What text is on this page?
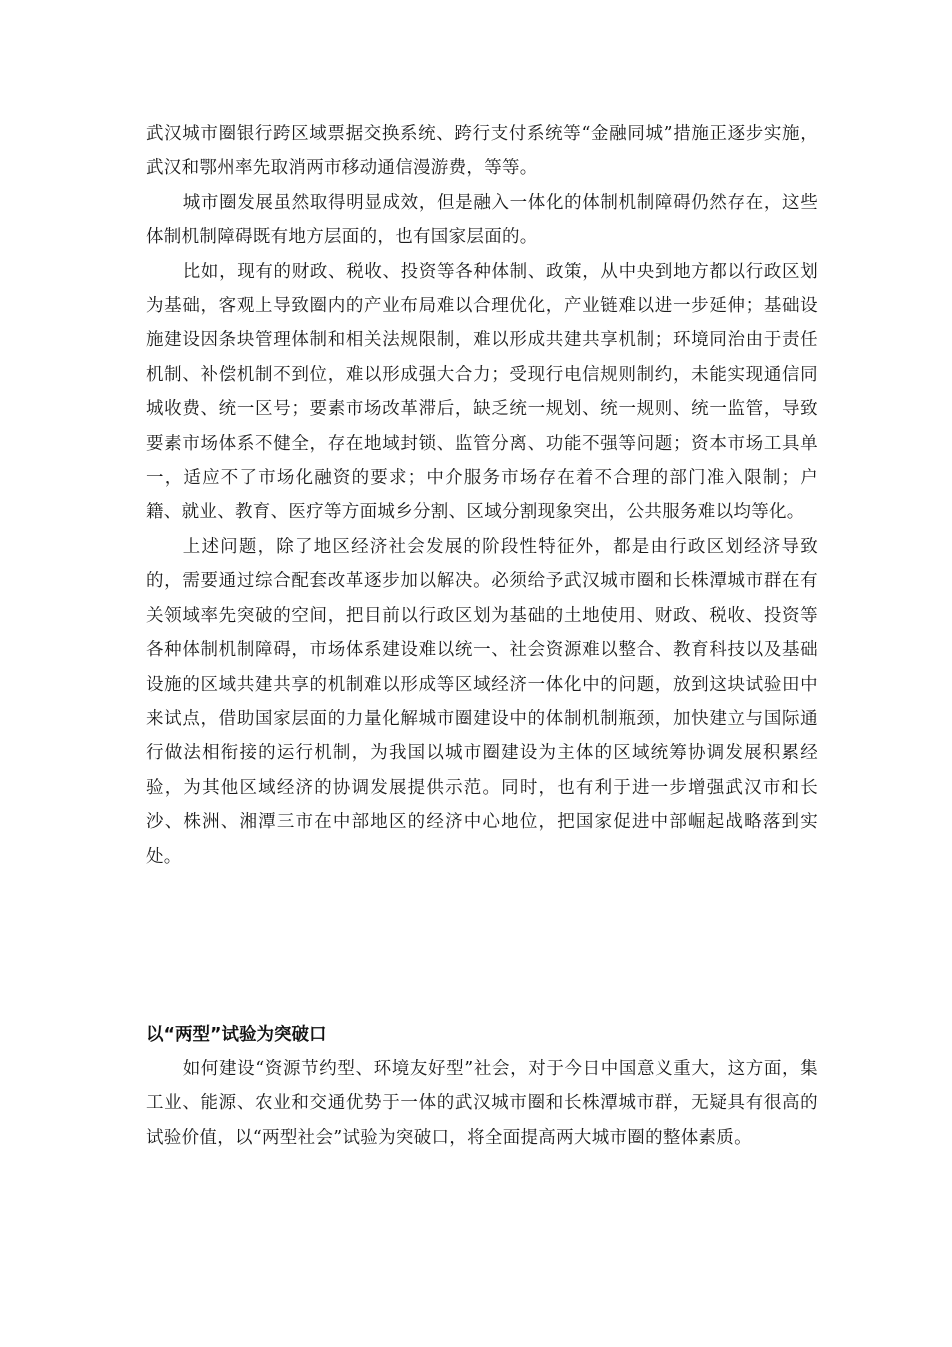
武汉城市圈银行跨区域票据交换系统、跨行支付系统等“金融同城”措施正逐步实施，武汉和鄂州率先取消两市移动通信漫游费，等等。

城市圈发展虽然取得明显成效，但是融入一体化的体制机制障碍仍然存在，这些体制机制障碍既有地方层面的，也有国家层面的。

比如，现有的财政、税收、投资等各种体制、政策，从中央到地方都以行政区划为基础，客观上导致圈内的产业布局难以合理优化，产业链难以进一步延伸；基础设施建设因条块管理体制和相关法规限制，难以形成共建共享机制；环境同治由于责任机制、补偿机制不到位，难以形成强大合力；受现行电信规则制约，未能实现通信同城收费、统一区号；要素市场改革滞后，缺乏统一规划、统一规则、统一监管，导致要素市场体系不健全，存在地域封锁、监管分离、功能不强等问题；资本市场工具单一，适应不了市场化融资的要求；中介服务市场存在着不合理的部门准入限制；户籍、就业、教育、医疗等方面城乡分割、区域分割现象突出，公共服务难以均等化。

上述问题，除了地区经济社会发展的阶段性特征外，都是由行政区划经济导致的，需要通过综合配套改革逐步加以解决。必须给予武汉城市圈和长株潭城市群在有关领域率先突破的空间，把目前以行政区划为基础的土地使用、财政、税收、投资等各种体制机制障碍，市场体系建设难以统一、社会资源难以整合、教育科技以及基础设施的区域共建共享的机制难以形成等区域经济一体化中的问题，放到这块试验田中来试点，借助国家层面的力量化解城市圈建设中的体制机制瓶颈，加快建立与国际通行做法相衔接的运行机制，为我国以城市圈建设为主体的区域统筹协调发展积累经验，为其他区域经济的协调发展提供示范。同时，也有利于进一步增强武汉市和长沙、株洲、湘潭三市在中部地区的经济中心地位，把国家促进中部崛起战略落到实处。

以“两型”试验为突破口

如何建设“资源节约型、环境友好型”社会，对于今日中国意义重大，这方面，集工业、能源、农业和交通优势于一体的武汉城市圈和长株潭城市群，无疑具有很高的试验价值，以“两型社会”试验为突破口，将全面提高两大城市圈的整体素质。
